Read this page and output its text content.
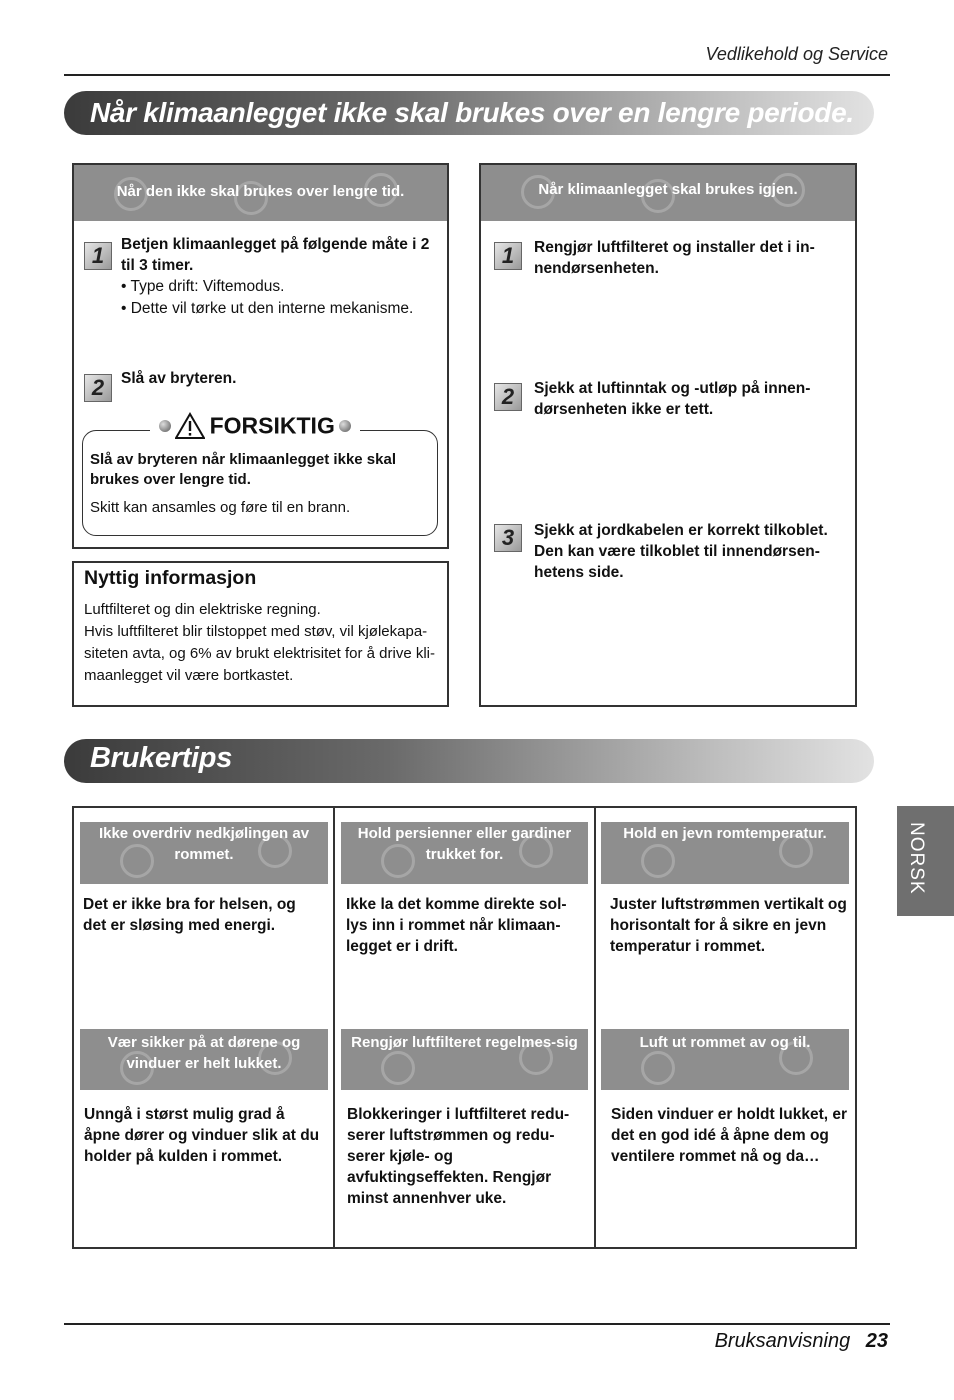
Vedlikehold og Service
Når klimaanlegget ikke skal brukes over en lengre periode.
Når den ikke skal brukes over lengre tid.
1	Betjen klimaanlegget på følgende måte i 2 til 3 timer.
• Type drift: Viftemodus.
• Dette vil tørke ut den interne mekanisme.
2	Slå av bryteren.
FORSIKTIG
Slå av bryteren når klimaanlegget ikke skal brukes over lengre tid.
Skitt kan ansamles og føre til en brann.
Nyttig informasjon
Luftfilteret og din elektriske regning.
Hvis luftfilteret blir tilstoppet med støv, vil kjølekapa-siteten avta, og 6% av brukt elektrisitet for å drive kli-maanlegget vil være bortkastet.
Når klimaanlegget skal brukes igjen.
1	Rengjør luftfilteret og installer det i in-nendørsenheten.
2	Sjekk at luftinntak og -utløp på innen-dørsenheten ikke er tett.
3	Sjekk at jordkabelen er korrekt tilkoblet. Den kan være tilkoblet til innendørsen-hetens side.
Brukertips
Ikke overdriv nedkjølingen av rommet.
Hold persienner eller gardiner trukket for.
Hold en jevn romtemperatur.
Det er ikke bra for helsen, og det er sløsing med energi.
Ikke la det komme direkte sol-lys inn i rommet når klimaan-legget er i drift.
Juster luftstrømmen vertikalt og horisontalt for å sikre en jevn temperatur i rommet.
Vær sikker på at dørene og vinduer er helt lukket.
Rengjør luftfilteret regelmes-sig	Luft ut rommet av og til.
Unngå i størst mulig grad å åpne dører og vinduer slik at du holder på kulden i rommet.
Blokkeringer i luftfilteret redu-serer luftstrømmen og redu-serer kjøle- og avfuktingseffekten. Rengjør minst annenhver uke.
Siden vinduer er holdt lukket, er det en god idé å åpne dem og ventilere rommet nå og da…
NORSK
Bruksanvisning 23
